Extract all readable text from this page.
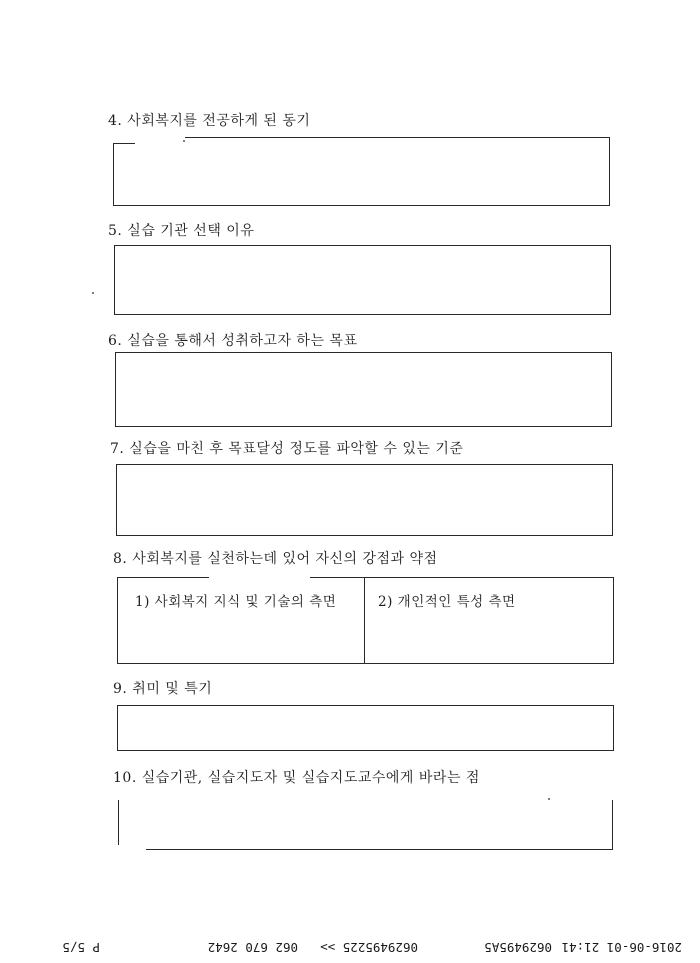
4. 사회복지를 전공하게 된 동기
5. 실습 기관 선택 이유
6. 실습을 통해서 성취하고자 하는 목표
7. 실습을 마친 후 목표달성 정도를 파악할 수 있는 기준
8. 사회복지를 실천하는데 있어 자신의 강점과 약점
1) 사회복지 지식 및 기술의 측면	2) 개인적인 특성 측면
9. 취미 및 특기
10. 실습기관, 실습지도자 및 실습지도교수에게 바라는 점
2016-06-01 21:41
0629495A5
0629495225 >>
062 670 2642
P 5/5
